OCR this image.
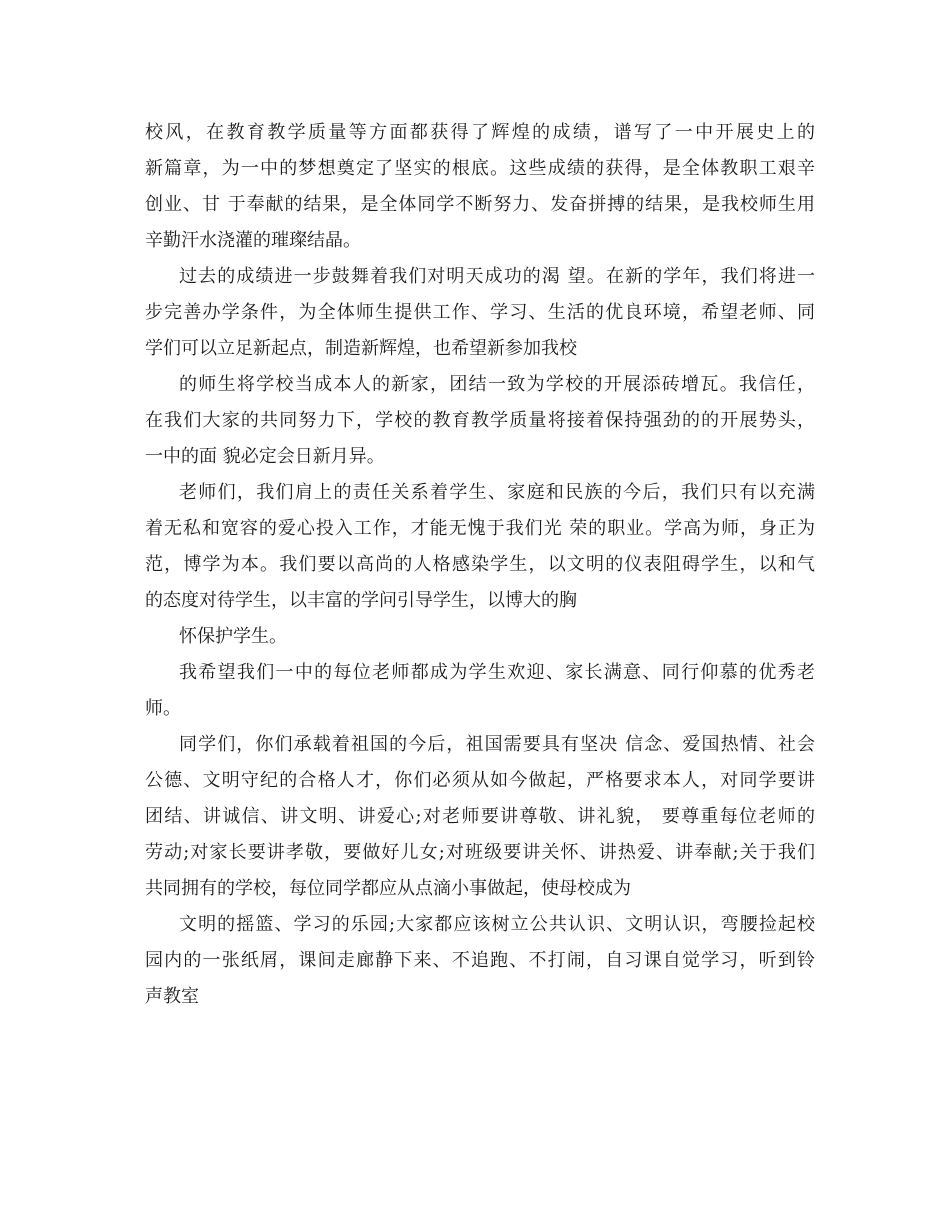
校风，在教育教学质量等方面都获得了辉煌的成绩，谱写了一中开展史上的
新篇章，为一中的梦想奠定了坚实的根底。这些成绩的获得，是全体教职工艰辛
创业、甘 于奉献的结果，是全体同学不断努力、发奋拼搏的结果，是我校师生用
辛勤汗水浇灌的璀璨结晶。
过去的成绩进一步鼓舞着我们对明天成功的渴 望。在新的学年，我们将进一
步完善办学条件，为全体师生提供工作、学习、生活的优良环境，希望老师、同
学们可以立足新起点，制造新辉煌，也希望新参加我校
的师生将学校当成本人的新家，团结一致为学校的开展添砖增瓦。我信任，
在我们大家的共同努力下，学校的教育教学质量将接着保持强劲的的开展势头，
一中的面 貌必定会日新月异。
老师们，我们肩上的责任关系着学生、家庭和民族的今后，我们只有以充满
着无私和宽容的爱心投入工作，才能无愧于我们光 荣的职业。学高为师，身正为
范，博学为本。我们要以高尚的人格感染学生，以文明的仪表阻碍学生，以和气
的态度对待学生，以丰富的学问引导学生，以博大的胸
怀保护学生。
我希望我们一中的每位老师都成为学生欢迎、家长满意、同行仰慕的优秀老
师。
同学们，你们承载着祖国的今后，祖国需要具有坚决 信念、爱国热情、社会
公德、文明守纪的合格人才，你们必须从如今做起，严格要求本人，对同学要讲
团结、讲诚信、讲文明、讲爱心;对老师要讲尊敬、讲礼貌， 要尊重每位老师的
劳动;对家长要讲孝敬，要做好儿女;对班级要讲关怀、讲热爱、讲奉献;关于我们
共同拥有的学校，每位同学都应从点滴小事做起，使母校成为
文明的摇篮、学习的乐园;大家都应该树立公共认识、文明认识，弯腰捡起校
园内的一张纸屑，课间走廊静下来、不追跑、不打闹，自习课自觉学习，听到铃
声教室
